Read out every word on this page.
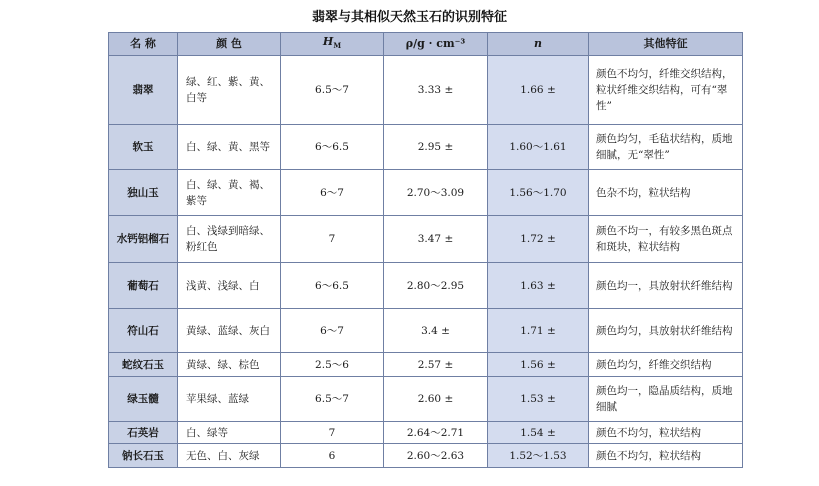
翡翠与其相似天然玉石的识别特征
名 称	颜 色	$H_M$	ρ/g · cm⁻³	n	其他特征
翡翠	绿、红、紫、黄、白等	6.5～7	3.33 ±	1.66 ±	颜色不均匀，纤维交织结构，粒状纤维交织结构，可有“翠性”
软玉	白、绿、黄、黑等	6～6.5	2.95 ±	1.60～1.61	颜色均匀，毛毡状结构，质地细腻，无“翠性”
独山玉	白、绿、黄、褐、紫等	6～7	2.70～3.09	1.56～1.70	色杂不均，粒状结构
水钙铝榴石	白、浅绿到暗绿、粉红色	7	3.47 ±	1.72 ±	颜色不均一，有较多黑色斑点和斑块，粒状结构
葡萄石	浅黄、浅绿、白	6～6.5	2.80～2.95	1.63 ±	颜色均一，具放射状纤维结构
符山石	黄绿、蓝绿、灰白	6～7	3.4 ±	1.71 ±	颜色均匀，具放射状纤维结构
蛇纹石玉	黄绿、绿、棕色	2.5～6	2.57 ±	1.56 ±	颜色均匀，纤维交织结构
绿玉髓	苹果绿、蓝绿	6.5～7	2.60 ±	1.53 ±	颜色均一，隐晶质结构，质地细腻
石英岩	白、绿等	7	2.64～2.71	1.54 ±	颜色不均匀，粒状结构
钠长石玉	无色、白、灰绿	6	2.60～2.63	1.52～1.53	颜色不均匀，粒状结构
